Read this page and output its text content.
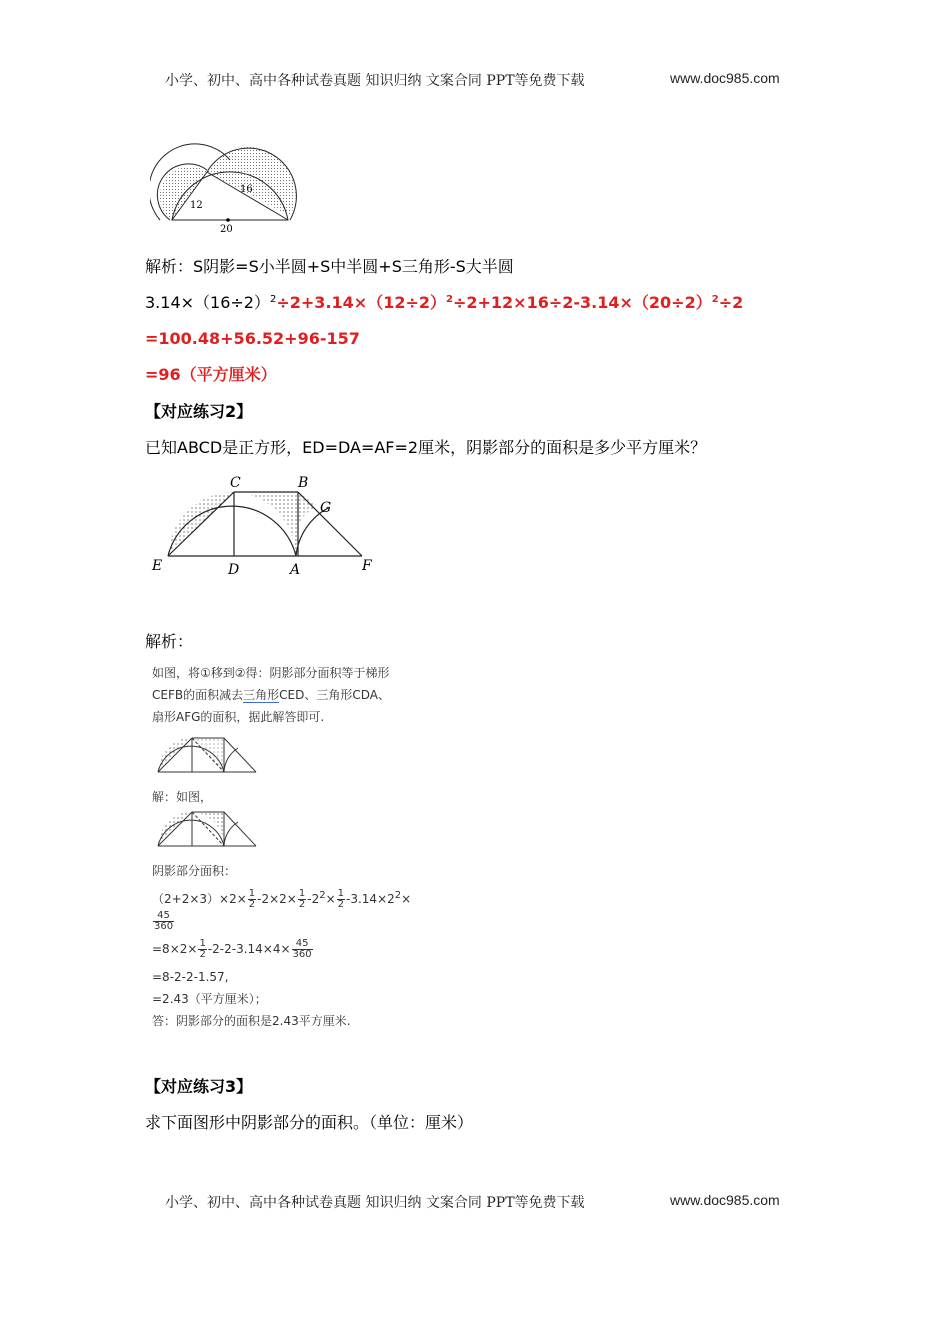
小学、初中、高中各种试卷真题 知识归纳 文案合同 PPT等免费下载	www.doc985.com
12
16
20
解析：S阴影=S小半圆+S中半圆+S三角形-S大半圆
$3.14\times(16\div 2)^2\div 2+3.14\times(12\div 2)^2\div 2+12\times 16\div 2-3.14\times(20\div 2)^2\div 2$
=100.48+56.52+96-157
=96（平方厘米）
【对应练习2】
已知ABCD是正方形，ED=DA=AF=2厘米，阴影部分的面积是多少平方厘米？
C	B
G
E	D	A	F
解析：
如图，将①移到②得：阴影部分面积等于梯形
CEFB的面积减去三角形CED、三角形CDA、
扇形AFG的面积，据此解答即可.
解：如图，
阴影部分面积：
$(2+2\times 3)\times 2\times \frac{1}{2} -2\times 2\times \frac{1}{2} -2^2\times \frac{1}{2} -3.14\times 2^2\times$
$\frac{45}{360}$
$=8\times 2\times \frac{1}{2} -2-2-3.14\times 4\times \frac{45}{360}$
=8-2-2-1.57,
=2.43（平方厘米）；
答：阴影部分的面积是2.43平方厘米.
【对应练习3】
求下面图形中阴影部分的面积。（单位：厘米）
小学、初中、高中各种试卷真题 知识归纳 文案合同 PPT等免费下载	www.doc985.com
